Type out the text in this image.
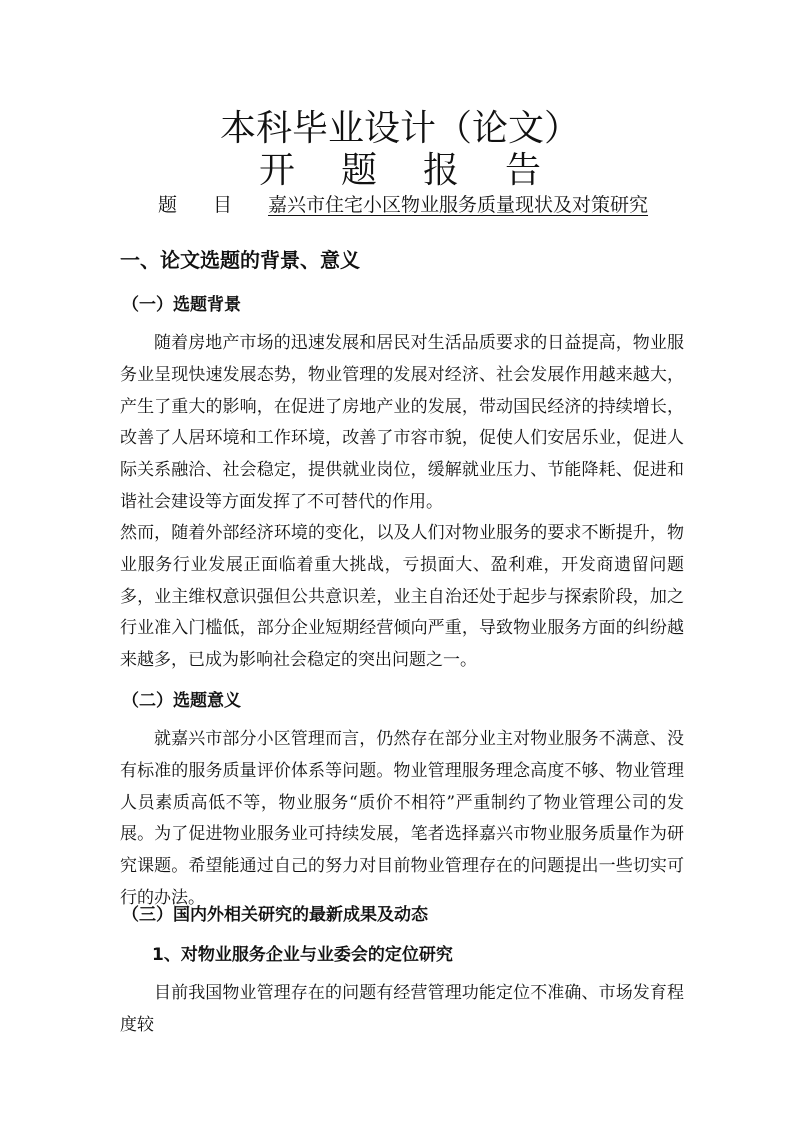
本科毕业设计（论文）
开题报告
题目嘉兴市住宅小区物业服务质量现状及对策研究
一、论文选题的背景、意义
（一）选题背景

随着房地产市场的迅速发展和居民对生活品质要求的日益提高，物业服务业呈现快速发展态势，物业管理的发展对经济、社会发展作用越来越大，产生了重大的影响，在促进了房地产业的发展，带动国民经济的持续增长，改善了人居环境和工作环境，改善了市容市貌，促使人们安居乐业，促进人际关系融洽、社会稳定，提供就业岗位，缓解就业压力、节能降耗、促进和谐社会建设等方面发挥了不可替代的作用。

然而，随着外部经济环境的变化，以及人们对物业服务的要求不断提升，物业服务行业发展正面临着重大挑战，亏损面大、盈利难，开发商遗留问题多，业主维权意识强但公共意识差，业主自治还处于起步与探索阶段，加之行业准入门槛低，部分企业短期经营倾向严重，导致物业服务方面的纠纷越来越多，已成为影响社会稳定的突出问题之一。

（二）选题意义

就嘉兴市部分小区管理而言，仍然存在部分业主对物业服务不满意、没有标准的服务质量评价体系等问题。物业管理服务理念高度不够、物业管理人员素质高低不等，物业服务“质价不相符”严重制约了物业管理公司的发展。为了促进物业服务业可持续发展，笔者选择嘉兴市物业服务质量作为研究课题。希望能通过自己的努力对目前物业管理存在的问题提出一些切实可行的办法。

（三）国内外相关研究的最新成果及动态
1、对物业服务企业与业委会的定位研究

目前我国物业管理存在的问题有经营管理功能定位不准确、市场发育程度较
